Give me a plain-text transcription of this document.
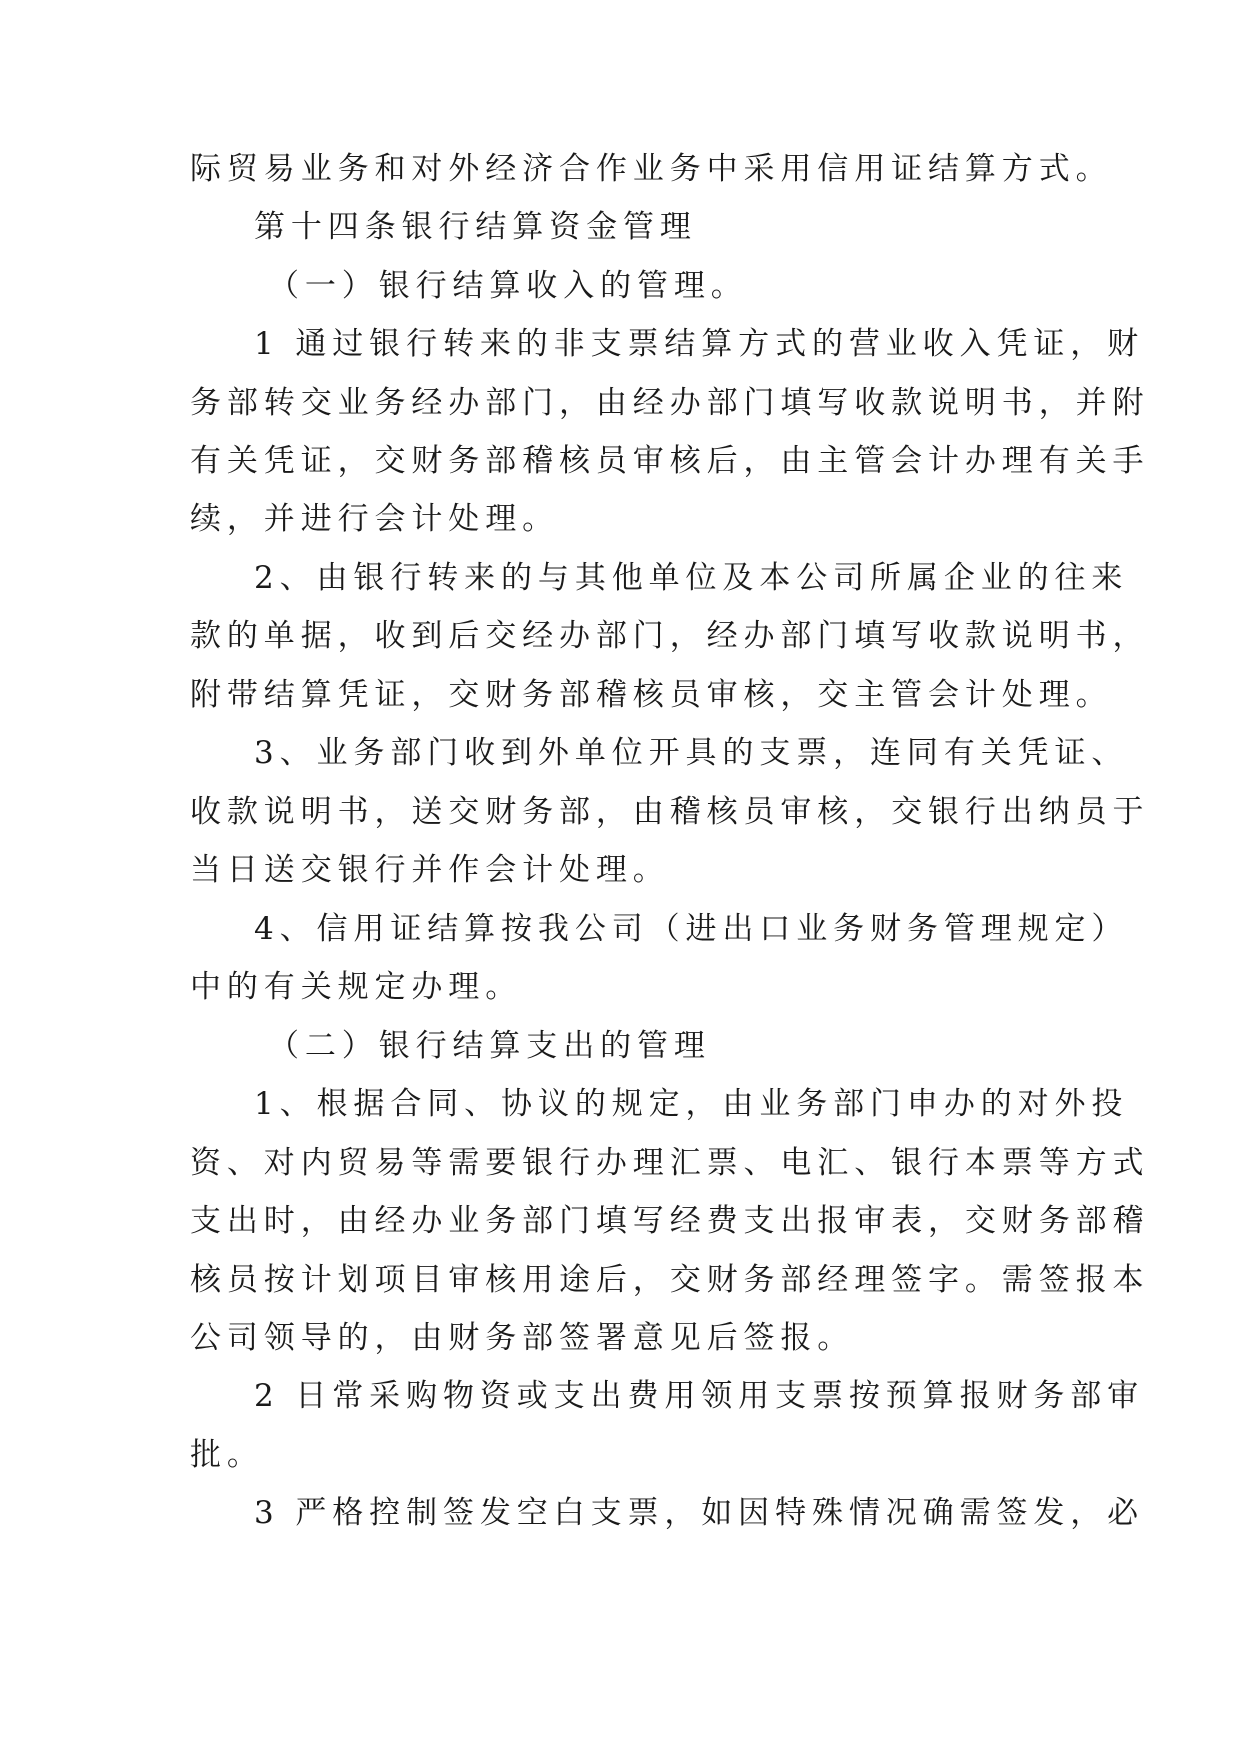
际贸易业务和对外经济合作业务中采用信用证结算方式。
第十四条银行结算资金管理
（一）银行结算收入的管理。
1 通过银行转来的非支票结算方式的营业收入凭证，财
务部转交业务经办部门，由经办部门填写收款说明书，并附
有关凭证，交财务部稽核员审核后，由主管会计办理有关手
续，并进行会计处理。
2、由银行转来的与其他单位及本公司所属企业的往来
款的单据，收到后交经办部门，经办部门填写收款说明书，
附带结算凭证，交财务部稽核员审核，交主管会计处理。
3、业务部门收到外单位开具的支票，连同有关凭证、
收款说明书，送交财务部，由稽核员审核，交银行出纳员于
当日送交银行并作会计处理。
4、信用证结算按我公司（进出口业务财务管理规定）
中的有关规定办理。
（二）银行结算支出的管理
1、根据合同、协议的规定，由业务部门申办的对外投
资、对内贸易等需要银行办理汇票、电汇、银行本票等方式
支出时，由经办业务部门填写经费支出报审表，交财务部稽
核员按计划项目审核用途后，交财务部经理签字。需签报本
公司领导的，由财务部签署意见后签报。
2 日常采购物资或支出费用领用支票按预算报财务部审
批。
3 严格控制签发空白支票，如因特殊情况确需签发，必
